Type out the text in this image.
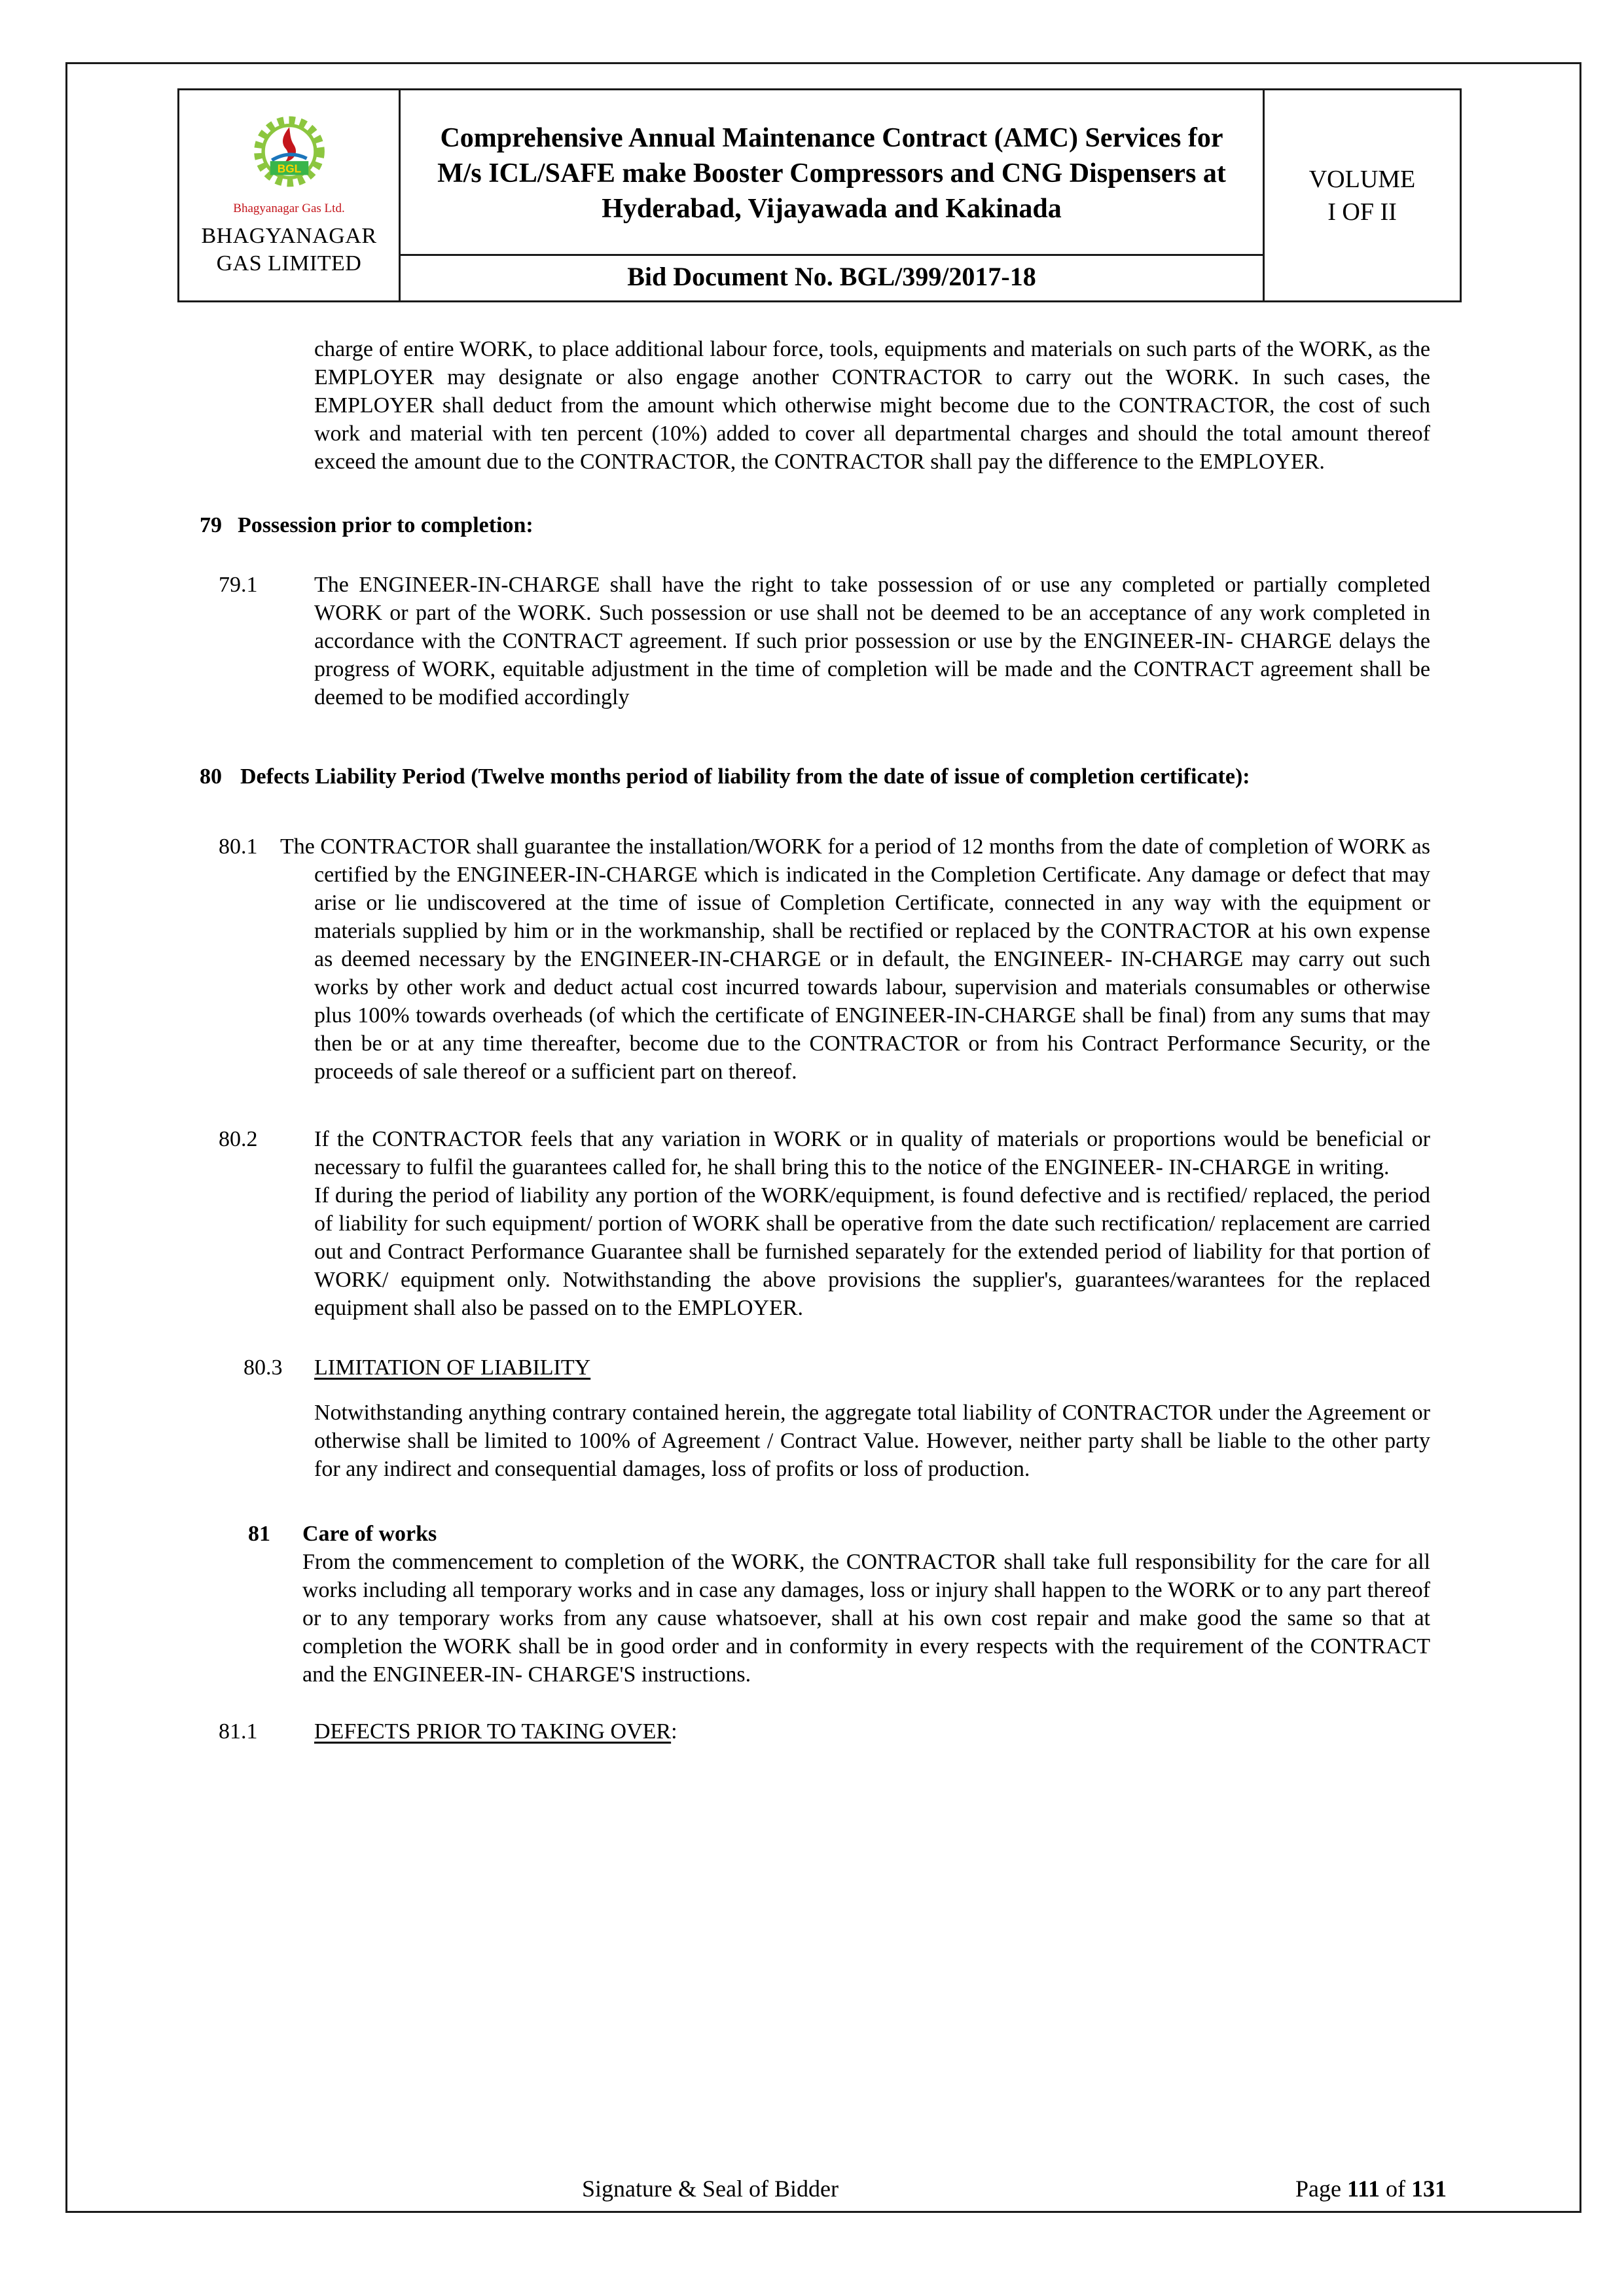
BGL
Bhagyanagar Gas Ltd.
BHAGYANAGAR
GAS LIMITED
Comprehensive Annual Maintenance Contract (AMC) Services for M/s ICL/SAFE make Booster Compressors and CNG Dispensers at Hyderabad, Vijayawada and Kakinada
Bid Document No. BGL/399/2017-18
VOLUME
I OF II
charge of entire WORK, to place additional labour force, tools, equipments and materials on such parts of the WORK, as the EMPLOYER may designate or also engage another CONTRACTOR to carry out the WORK. In such cases, the EMPLOYER shall deduct from the amount which otherwise might become due to the CONTRACTOR, the cost of such work and material with ten percent (10%) added to cover all departmental charges and should the total amount thereof exceed the amount due to the CONTRACTOR, the CONTRACTOR shall pay the difference to the EMPLOYER.
79 Possession prior to completion:
79.1	The ENGINEER-IN-CHARGE shall have the right to take possession of or use any completed or partially completed WORK or part of the WORK. Such possession or use shall not be deemed to be an acceptance of any work completed in accordance with the CONTRACT agreement. If such prior possession or use by the ENGINEER-IN- CHARGE delays the progress of WORK, equitable adjustment in the time of completion will be made and the CONTRACT agreement shall be deemed to be modified accordingly
80 Defects Liability Period (Twelve months period of liability from the date of issue of completion certificate):
80.1 The CONTRACTOR shall guarantee the installation/WORK for a period of 12 months from the date of completion of WORK as certified by the ENGINEER-IN-CHARGE which is indicated in the Completion Certificate. Any damage or defect that may arise or lie undiscovered at the time of issue of Completion Certificate, connected in any way with the equipment or materials supplied by him or in the workmanship, shall be rectified or replaced by the CONTRACTOR at his own expense as deemed necessary by the ENGINEER-IN-CHARGE or in default, the ENGINEER- IN-CHARGE may carry out such works by other work and deduct actual cost incurred towards labour, supervision and materials consumables or otherwise plus 100% towards overheads (of which the certificate of ENGINEER-IN-CHARGE shall be final) from any sums that may then be or at any time thereafter, become due to the CONTRACTOR or from his Contract Performance Security, or the proceeds of sale thereof or a sufficient part on thereof.
80.2	If the CONTRACTOR feels that any variation in WORK or in quality of materials or proportions would be beneficial or necessary to fulfil the guarantees called for, he shall bring this to the notice of the ENGINEER- IN-CHARGE in writing.
If during the period of liability any portion of the WORK/equipment, is found defective and is rectified/ replaced, the period of liability for such equipment/ portion of WORK shall be operative from the date such rectification/ replacement are carried out and Contract Performance Guarantee shall be furnished separately for the extended period of liability for that portion of WORK/ equipment only. Notwithstanding the above provisions the supplier's, guarantees/warantees for the replaced equipment shall also be passed on to the EMPLOYER.
80.3 LIMITATION OF LIABILITY
Notwithstanding anything contrary contained herein, the aggregate total liability of CONTRACTOR under the Agreement or otherwise shall be limited to 100% of Agreement / Contract Value. However, neither party shall be liable to the other party for any indirect and consequential damages, loss of profits or loss of production.
81 Care of works
From the commencement to completion of the WORK, the CONTRACTOR shall take full responsibility for the care for all works including all temporary works and in case any damages, loss or injury shall happen to the WORK or to any part thereof or to any temporary works from any cause whatsoever, shall at his own cost repair and make good the same so that at completion the WORK shall be in good order and in conformity in every respects with the requirement of the CONTRACT and the ENGINEER-IN- CHARGE'S instructions.
81.1	DEFECTS PRIOR TO TAKING OVER:
Signature & Seal of Bidder	Page 111 of 131
